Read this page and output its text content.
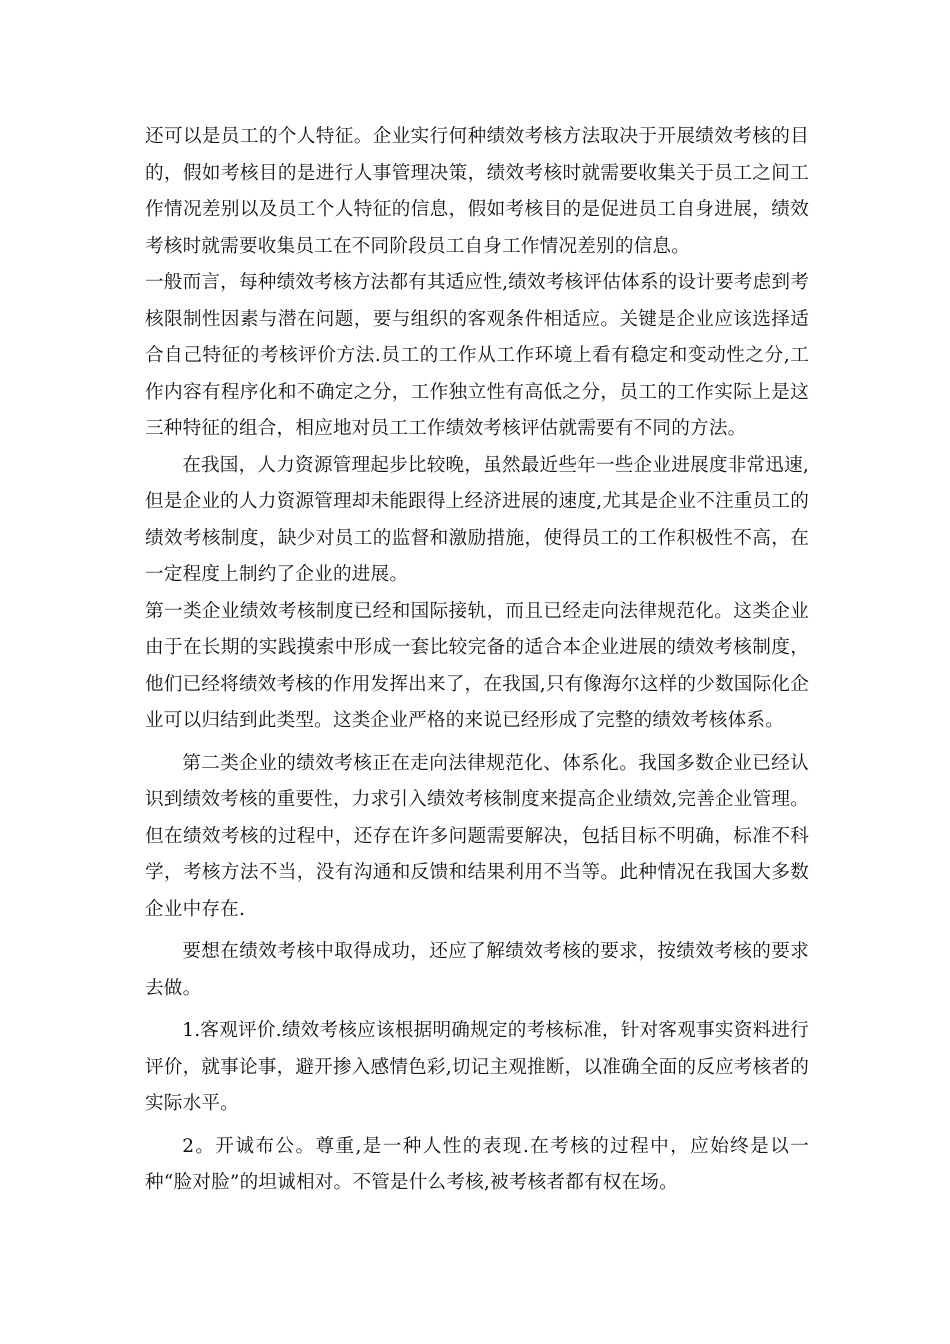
还可以是员工的个人特征。企业实行何种绩效考核方法取决于开展绩效考核的目的，假如考核目的是进行人事管理决策，绩效考核时就需要收集关于员工之间工作情况差别以及员工个人特征的信息，假如考核目的是促进员工自身进展，绩效考核时就需要收集员工在不同阶段员工自身工作情况差别的信息。

一般而言，每种绩效考核方法都有其适应性,绩效考核评估体系的设计要考虑到考核限制性因素与潜在问题，要与组织的客观条件相适应。关键是企业应该选择适合自己特征的考核评价方法.员工的工作从工作环境上看有稳定和变动性之分,工作内容有程序化和不确定之分，工作独立性有高低之分，员工的工作实际上是这三种特征的组合，相应地对员工工作绩效考核评估就需要有不同的方法。

在我国，人力资源管理起步比较晚，虽然最近些年一些企业进展度非常迅速,但是企业的人力资源管理却未能跟得上经济进展的速度,尤其是企业不注重员工的绩效考核制度，缺少对员工的监督和激励措施，使得员工的工作积极性不高，在一定程度上制约了企业的进展。

第一类企业绩效考核制度已经和国际接轨，而且已经走向法律规范化。这类企业由于在长期的实践摸索中形成一套比较完备的适合本企业进展的绩效考核制度，他们已经将绩效考核的作用发挥出来了，在我国,只有像海尔这样的少数国际化企业可以归结到此类型。这类企业严格的来说已经形成了完整的绩效考核体系。

第二类企业的绩效考核正在走向法律规范化、体系化。我国多数企业已经认识到绩效考核的重要性，力求引入绩效考核制度来提高企业绩效,完善企业管理。但在绩效考核的过程中，还存在许多问题需要解决，包括目标不明确，标准不科学，考核方法不当，没有沟通和反馈和结果利用不当等。此种情况在我国大多数企业中存在.

要想在绩效考核中取得成功，还应了解绩效考核的要求，按绩效考核的要求去做。

1.客观评价.绩效考核应该根据明确规定的考核标准，针对客观事实资料进行评价，就事论事，避开掺入感情色彩,切记主观推断，以准确全面的反应考核者的实际水平。

2。开诚布公。尊重,是一种人性的表现.在考核的过程中，应始终是以一种“脸对脸”的坦诚相对。不管是什么考核,被考核者都有权在场。
